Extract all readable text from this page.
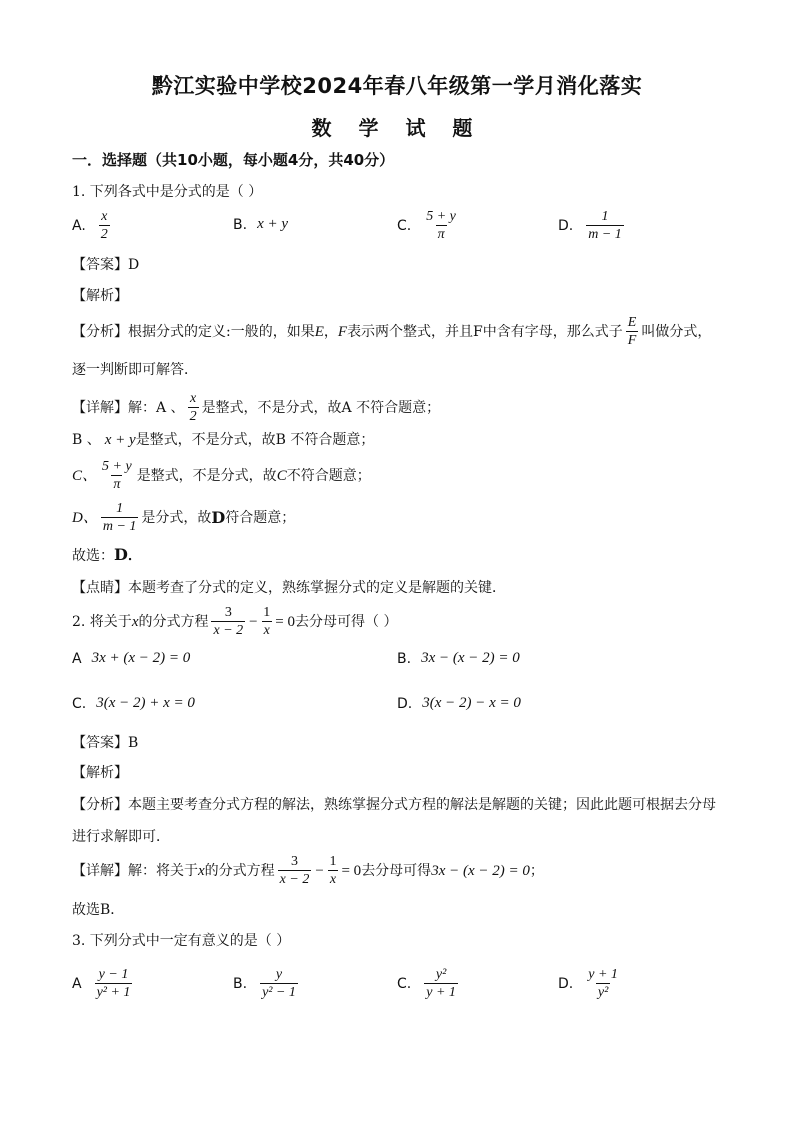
黔江实验中学校2024年春八年级第一学月消化落实
数 学 试 题
一．选择题（共10小题，每小题4分，共40分）
1. 下列各式中是分式的是（ ）
A. $\frac{x}{2}$	B. x + y	C. $\frac{5 + y}{\pi}$	D. $\frac{1}{m - 1}$
【答案】D
【解析】
【分析】根据分式的定义:一般的，如果 E ， F 表示两个整式，并且F中含有字母，那么式子 $\frac{E}{F}$ 叫做分式，
逐一判断即可解答．
【详解】解：A 、 $\frac{x}{2}$ 是整式，不是分式，故A 不符合题意；
B 、 x + y 是整式，不是分式，故B 不符合题意；
C、 $\frac{5 + y}{\pi}$ 是整式，不是分式，故 C 不符合题意；
D、 $\frac{1}{m - 1}$ 是分式，故 D 符合题意；
故选：D．
【点睛】本题考查了分式的定义，熟练掌握分式的定义是解题的关键．
2. 将关于 x 的分式方程 $\frac{3}{x - 2} - \frac{1}{x} = 0$ 去分母可得（ ）
A 3x + (x − 2) = 0	B. 3x − (x − 2) = 0
C. 3(x − 2) + x = 0	D. 3(x − 2) − x = 0
【答案】B
【解析】
【分析】本题主要考查分式方程的解法，熟练掌握分式方程的解法是解题的关键；因此此题可根据去分母
进行求解即可．
【详解】解：将关于 x 的分式方程 $\frac{3}{x - 2} - \frac{1}{x} = 0$ 去分母可得 3x − (x − 2) = 0 ；
故选B．
3. 下列分式中一定有意义的是（ ）
A $\frac{y - 1}{\text{y² + 1}}$	B. $\frac{y}{\text{y² − 1}}$	C. $\frac{\text{y²}}{y + 1}$	D. $\frac{y + 1}{\text{y²}}$
